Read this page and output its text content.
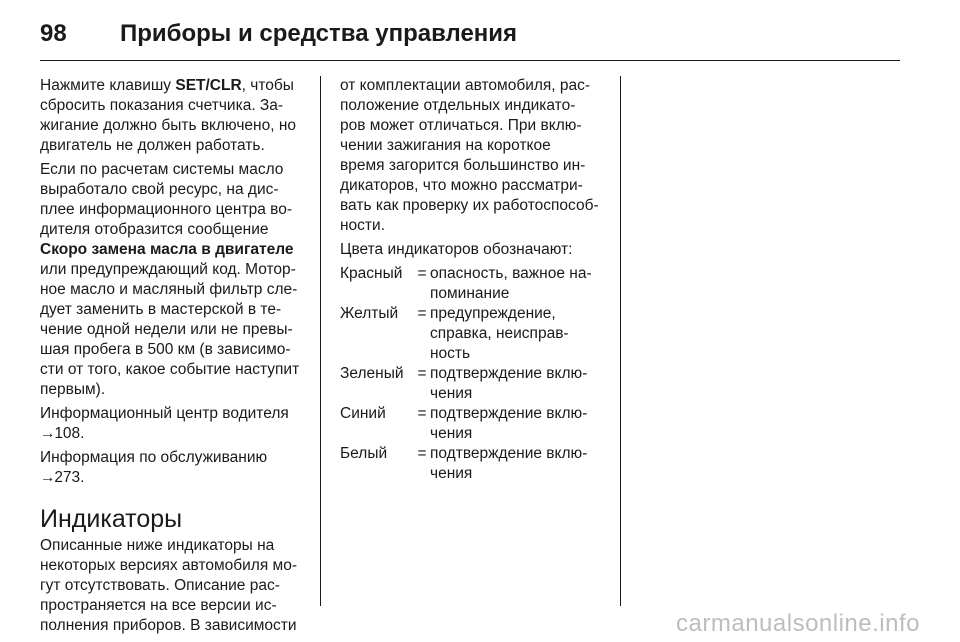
98 Приборы и средства управления

Нажмите клавишу SET/CLR, чтобы
сбросить показания счетчика. За-
жигание должно быть включено, но
двигатель не должен работать.

Если по расчетам системы масло
выработало свой ресурс, на дис-
плее информационного центра во-
дителя отобразится сообщение
Скоро замена масла в двигателе
или предупреждающий код. Мотор-
ное масло и масляный фильтр сле-
дует заменить в мастерской в те-
чение одной недели или не превы-
шая пробега в 500 км (в зависимо-
сти от того, какое событие наступит
первым).

Информационный центр водителя
→ 108.

Информация по обслуживанию
→ 273.

Индикаторы

Описанные ниже индикаторы на
некоторых версиях автомобиля мо-
гут отсутствовать. Описание рас-
пространяется на все версии ис-
полнения приборов. В зависимости

от комплектации автомобиля, рас-
положение отдельных индикато-
ров может отличаться. При вклю-
чении зажигания на короткое
время загорится большинство ин-
дикаторов, что можно рассматри-
вать как проверку их работоспособ-
ности.

Цвета индикаторов обозначают:

Красный = опасность, важное на-
поминание
Желтый	= предупреждение,
справка, неисправ-
ность
Зеленый = подтверждение вклю-
чения
Синий	= подтверждение вклю-
чения
Белый	= подтверждение вклю-
чения
carmanualsonline.info
